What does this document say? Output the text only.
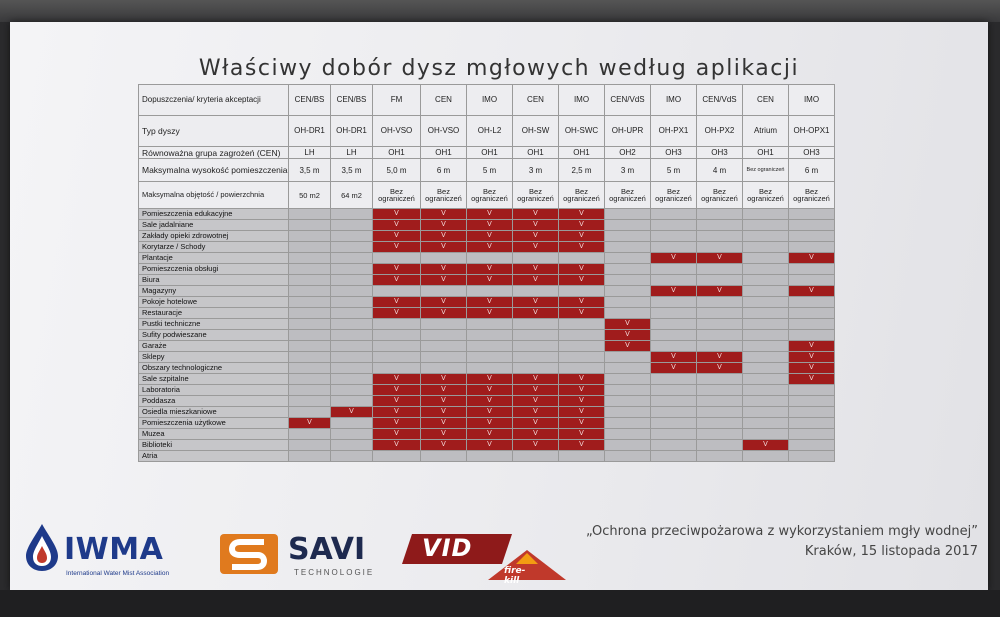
Właściwy dobór dysz mgłowych według aplikacji
Dopuszczenia/ kryteria akceptacji	CEN/BS	CEN/BS	FM	CEN	IMO	CEN	IMO	CEN/VdS	IMO	CEN/VdS	CEN	IMO
Typ dyszy	OH-DR1	OH-DR1	OH-VSO	OH-VSO	OH-L2	OH-SW	OH-SWC	OH-UPR	OH-PX1	OH-PX2	Atrium	OH-OPX1
Równoważna grupa zagrożeń (CEN)	LH	LH	OH1	OH1	OH1	OH1	OH1	OH2	OH3	OH3	OH1	OH3
Maksymalna wysokość pomieszczenia	3,5 m	3,5 m	5,0 m	6 m	5 m	3 m	2,5 m	3 m	5 m	4 m	Bez ograniczeń	6 m
Maksymalna objętość / powierzchnia	50 m2	64 m2	Bez ograniczeń	Bez ograniczeń	Bez ograniczeń	Bez ograniczeń	Bez ograniczeń	Bez ograniczeń	Bez ograniczeń	Bez ograniczeń	Bez ograniczeń	Bez ograniczeń
Pomieszczenia edukacyjne			V	V	V	V	V					
Sale jadalniane			V	V	V	V	V					
Zakłady opieki zdrowotnej			V	V	V	V	V					
Korytarze / Schody			V	V	V	V	V					
Plantacje									V	V		V
Pomieszczenia obsługi			V	V	V	V	V					
Biura			V	V	V	V	V					
Magazyny									V	V		V
Pokoje hotelowe			V	V	V	V	V					
Restauracje			V	V	V	V	V					
Pustki techniczne								V				
Sufity podwieszane								V				
Garaże								V				V
Sklepy									V	V		V
Obszary technologiczne									V	V		V
Sale szpitalne			V	V	V	V	V					V
Laboratoria			V	V	V	V	V					
Poddasza			V	V	V	V	V					
Osiedla mieszkaniowe		V	V	V	V	V	V					
Pomieszczenia użytkowe	V		V	V	V	V	V					
Muzea			V	V	V	V	V					
Biblioteki			V	V	V	V	V				V	
Atria												
IWMA
International Water Mist Association
SAVI
TECHNOLOGIE
VID
fire-kill
„Ochrona przeciwpożarowa z wykorzystaniem mgły wodnej”
Kraków, 15 listopada 2017
